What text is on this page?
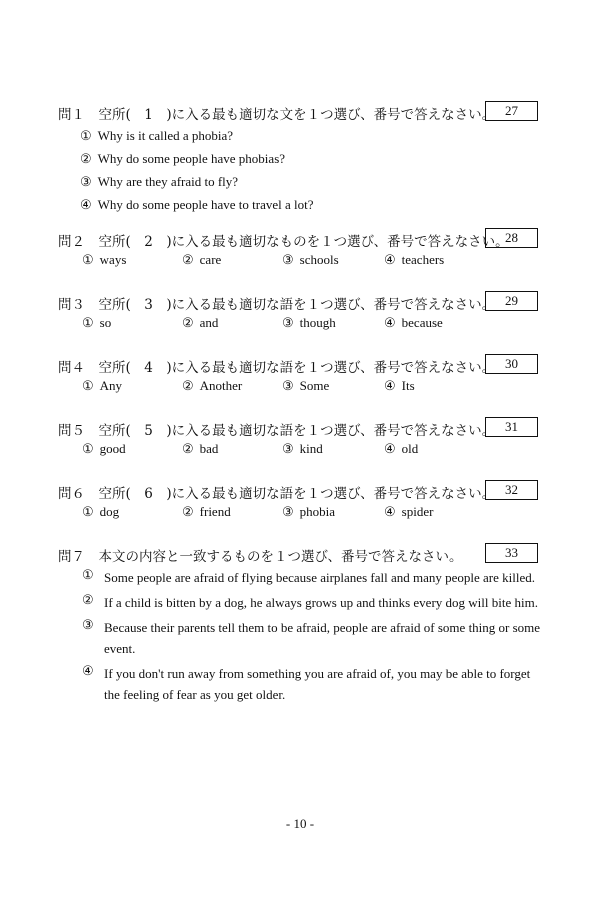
問１　空所(　1　)に入る最も適切な文を１つ選び、番号で答えなさい。 27
① Why is it called a phobia?
② Why do some people have phobias?
③ Why are they afraid to fly?
④ Why do some people have to travel a lot?
問２　空所(　2　)に入る最も適切なものを１つ選び、番号で答えなさい。
28
① ways	② care	③ schools	④ teachers
問３　空所(　3　)に入る最も適切な語を１つ選び、番号で答えなさい。 29
① so	② and	③ though	④ because
問４　空所(　4　)に入る最も適切な語を１つ選び、番号で答えなさい。 30
① Any	② Another	③ Some	④ Its
問５　空所(　5　)に入る最も適切な語を１つ選び、番号で答えなさい。 31
① good	② bad	③ kind	④ old
問６　空所(　6　)に入る最も適切な語を１つ選び、番号で答えなさい。 32
① dog	② friend	③ phobia	④ spider
問７　本文の内容と一致するものを１つ選び、番号で答えなさい。	33
① Some people are afraid of flying because airplanes fall and many people are killed.
② If a child is bitten by a dog, he always grows up and thinks every dog will bite him.
③ Because their parents tell them to be afraid, people are afraid of some thing or some event.
④ If you don't run away from something you are afraid of, you may be able to forget the feeling of fear as you get older.
- 10 -
